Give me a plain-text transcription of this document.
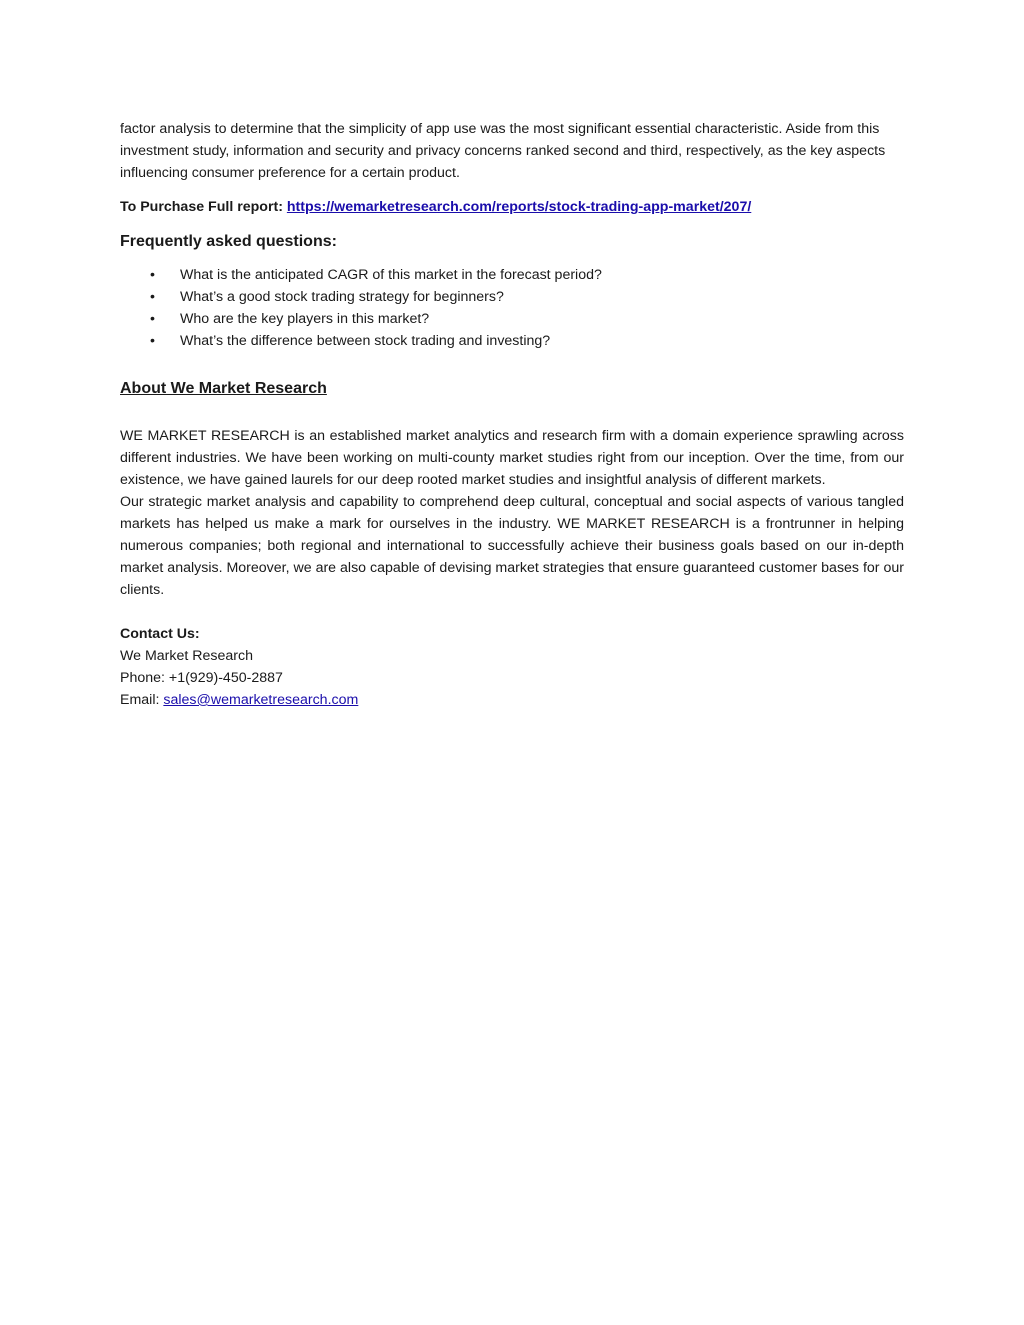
factor analysis to determine that the simplicity of app use was the most significant essential characteristic. Aside from this investment study, information and security and privacy concerns ranked second and third, respectively, as the key aspects influencing consumer preference for a certain product.

To Purchase Full report: https://wemarketresearch.com/reports/stock-trading-app-market/207/

Frequently asked questions:

• What is the anticipated CAGR of this market in the forecast period?
• What’s a good stock trading strategy for beginners?
• Who are the key players in this market?
• What’s the difference between stock trading and investing?

About We Market Research

WE MARKET RESEARCH is an established market analytics and research firm with a domain experience sprawling across different industries. We have been working on multi-county market studies right from our inception. Over the time, from our existence, we have gained laurels for our deep rooted market studies and insightful analysis of different markets.

Our strategic market analysis and capability to comprehend deep cultural, conceptual and social aspects of various tangled markets has helped us make a mark for ourselves in the industry. WE MARKET RESEARCH is a frontrunner in helping numerous companies; both regional and international to successfully achieve their business goals based on our in-depth market analysis. Moreover, we are also capable of devising market strategies that ensure guaranteed customer bases for our clients.

Contact Us:

We Market Research

Phone: +1(929)-450-2887

Email: sales@wemarketresearch.com
